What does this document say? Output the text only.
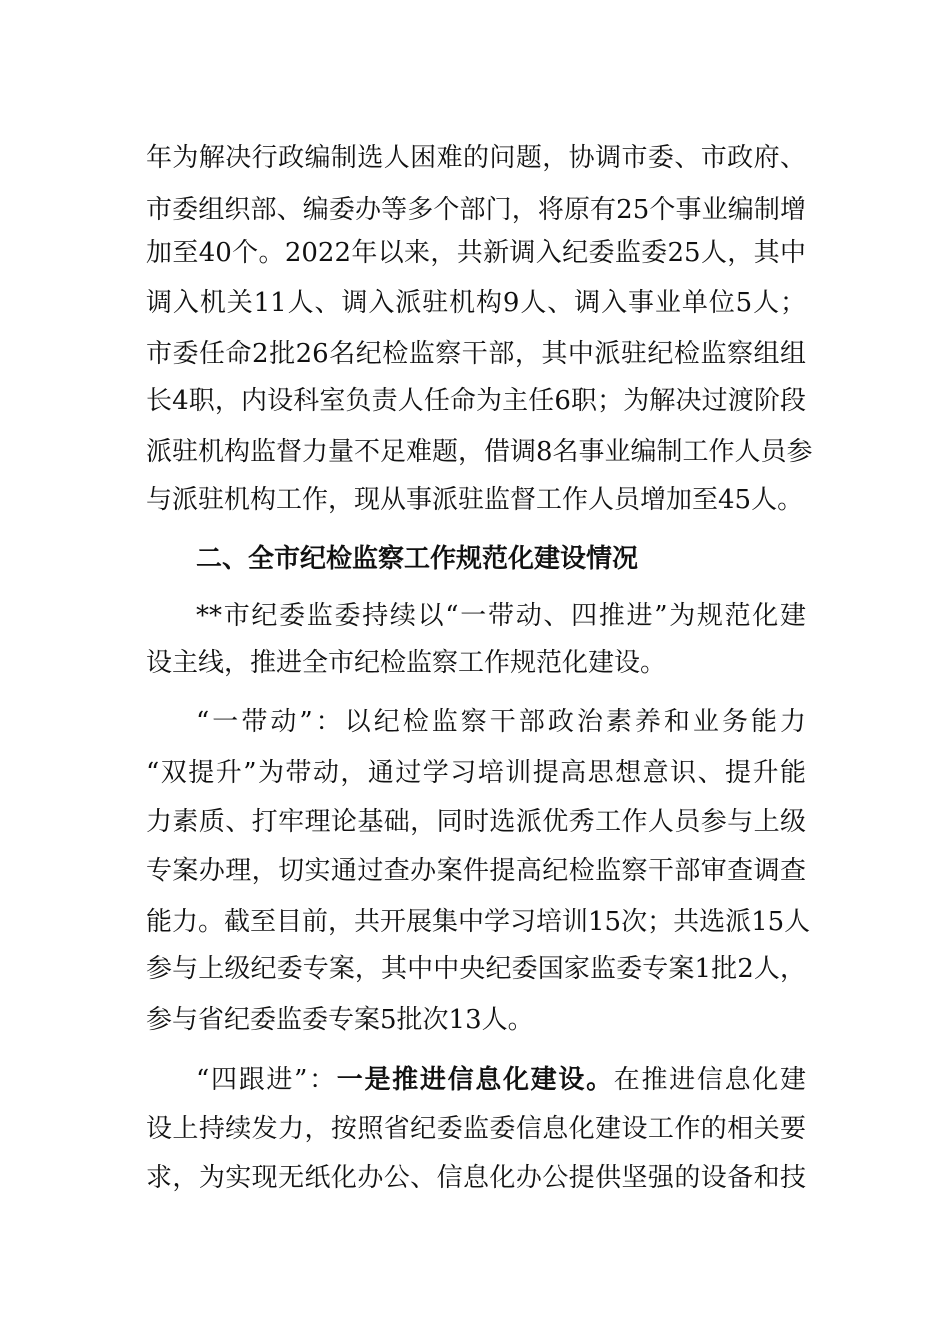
年为解决行政编制选人困难的问题，协调市委、市政府、
市委组织部、编委办等多个部门，将原有25个事业编制增
加至40个。2022年以来，共新调入纪委监委25人，其中
调入机关11人、调入派驻机构9人、调入事业单位5人；
市委任命2批26名纪检监察干部，其中派驻纪检监察组组
长4职，内设科室负责人任命为主任6职；为解决过渡阶段
派驻机构监督力量不足难题，借调8名事业编制工作人员参
与派驻机构工作，现从事派驻监督工作人员增加至45人。
二、全市纪检监察工作规范化建设情况
**市纪委监委持续以“一带动、四推进”为规范化建
设主线，推进全市纪检监察工作规范化建设。
“一带动”：以纪检监察干部政治素养和业务能力
“双提升”为带动，通过学习培训提高思想意识、提升能
力素质、打牢理论基础，同时选派优秀工作人员参与上级
专案办理，切实通过查办案件提高纪检监察干部审查调查
能力。截至目前，共开展集中学习培训15次；共选派15人
参与上级纪委专案，其中中央纪委国家监委专案1批2人，
参与省纪委监委专案5批次13人。
“四跟进”：一是推进信息化建设。在推进信息化建
设上持续发力，按照省纪委监委信息化建设工作的相关要
求，为实现无纸化办公、信息化办公提供坚强的设备和技
